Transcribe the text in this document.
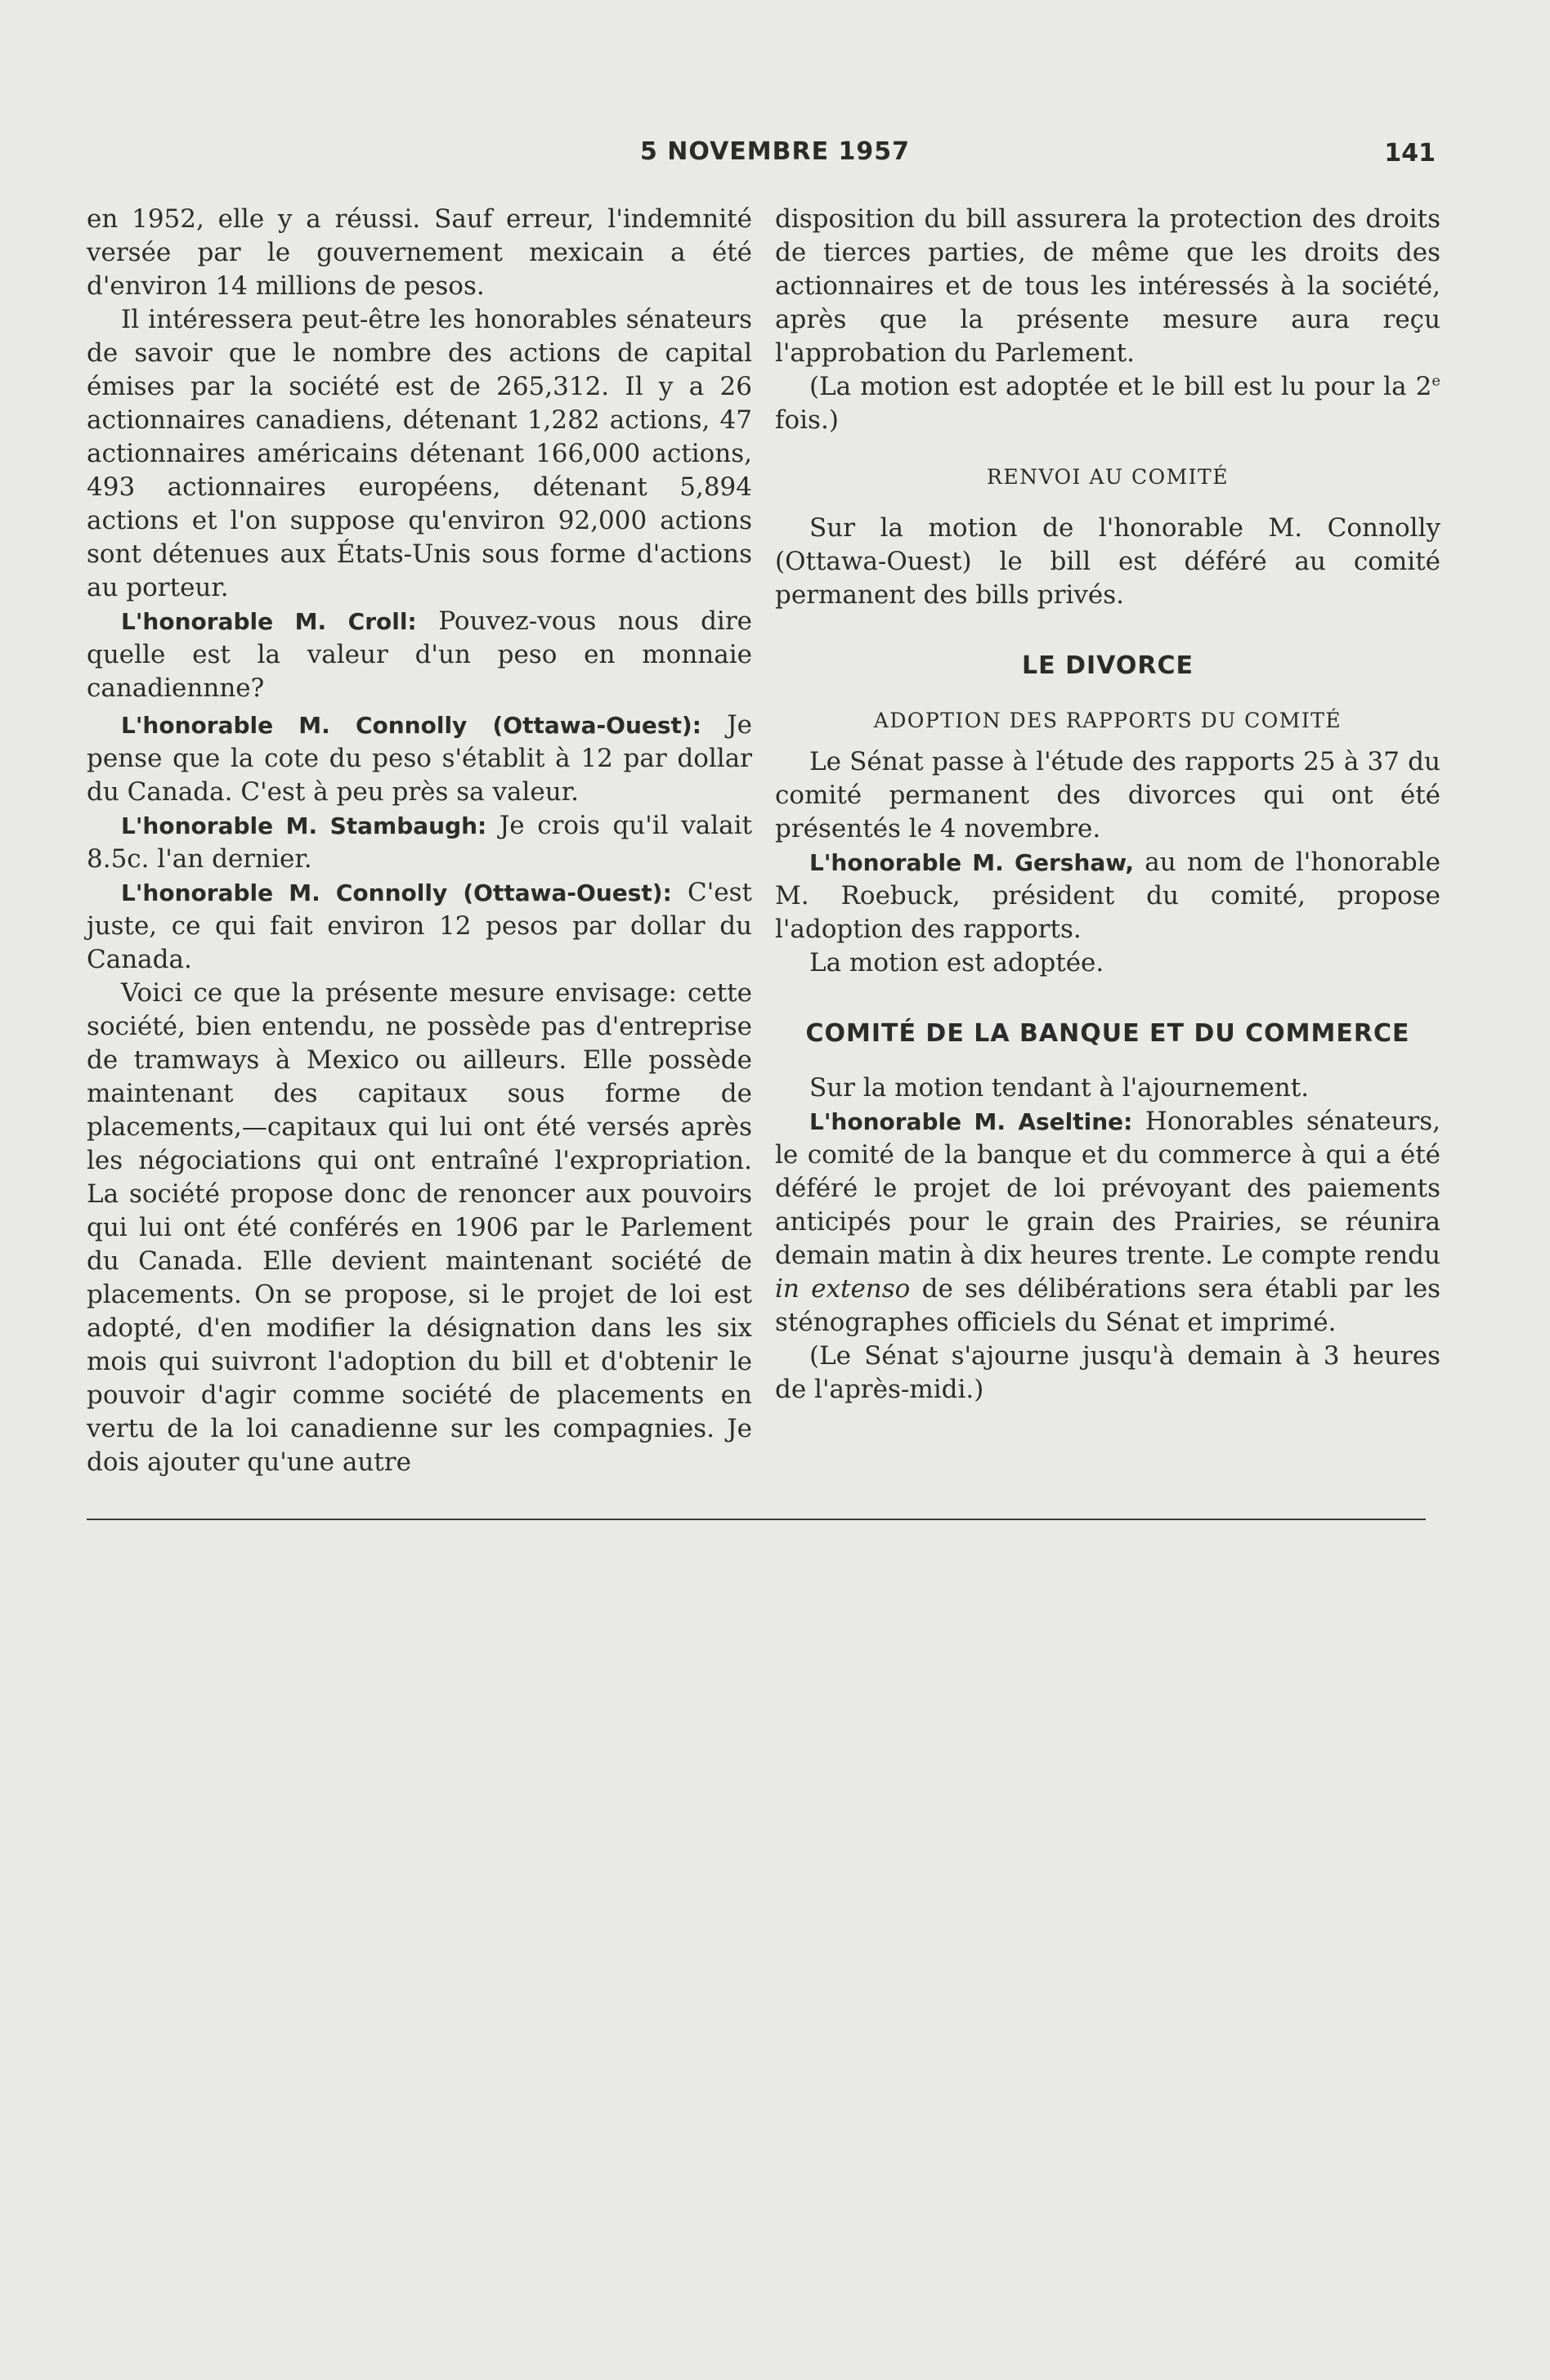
5 NOVEMBRE 1957	141

en 1952, elle y a réussi. Sauf erreur, l'indemnité versée par le gouvernement mexicain a été d'environ 14 millions de pesos.

Il intéressera peut-être les honorables sénateurs de savoir que le nombre des actions de capital émises par la société est de 265,312. Il y a 26 actionnaires canadiens, détenant 1,282 actions, 47 actionnaires américains détenant 166,000 actions, 493 actionnaires européens, détenant 5,894 actions et l'on suppose qu'environ 92,000 actions sont détenues aux États-Unis sous forme d'actions au porteur.

L'honorable M. Croll: Pouvez-vous nous dire quelle est la valeur d'un peso en monnaie canadiennne?

L'honorable M. Connolly (Ottawa-Ouest): Je pense que la cote du peso s'établit à 12 par dollar du Canada. C'est à peu près sa valeur.

L'honorable M. Stambaugh: Je crois qu'il valait 8.5c. l'an dernier.

L'honorable M. Connolly (Ottawa-Ouest): C'est juste, ce qui fait environ 12 pesos par dollar du Canada.

Voici ce que la présente mesure envisage: cette société, bien entendu, ne possède pas d'entreprise de tramways à Mexico ou ailleurs. Elle possède maintenant des capitaux sous forme de placements,—capitaux qui lui ont été versés après les négociations qui ont entraîné l'expropriation. La société propose donc de renoncer aux pouvoirs qui lui ont été conférés en 1906 par le Parlement du Canada. Elle devient maintenant société de placements. On se propose, si le projet de loi est adopté, d'en modifier la désignation dans les six mois qui suivront l'adoption du bill et d'obtenir le pouvoir d'agir comme société de placements en vertu de la loi canadienne sur les compagnies. Je dois ajouter qu'une autre

disposition du bill assurera la protection des droits de tierces parties, de même que les droits des actionnaires et de tous les intéressés à la société, après que la présente mesure aura reçu l'approbation du Parlement.

(La motion est adoptée et le bill est lu pour la 2e fois.)

RENVOI AU COMITÉ

Sur la motion de l'honorable M. Connolly (Ottawa-Ouest) le bill est déféré au comité permanent des bills privés.

LE DIVORCE
ADOPTION DES RAPPORTS DU COMITÉ

Le Sénat passe à l'étude des rapports 25 à 37 du comité permanent des divorces qui ont été présentés le 4 novembre.

L'honorable M. Gershaw, au nom de l'honorable M. Roebuck, président du comité, propose l'adoption des rapports.

La motion est adoptée.

COMITÉ DE LA BANQUE ET DU COMMERCE

Sur la motion tendant à l'ajournement.

L'honorable M. Aseltine: Honorables sénateurs, le comité de la banque et du commerce à qui a été déféré le projet de loi prévoyant des paiements anticipés pour le grain des Prairies, se réunira demain matin à dix heures trente. Le compte rendu in extenso de ses délibérations sera établi par les sténographes officiels du Sénat et imprimé.

(Le Sénat s'ajourne jusqu'à demain à 3 heures de l'après-midi.)
